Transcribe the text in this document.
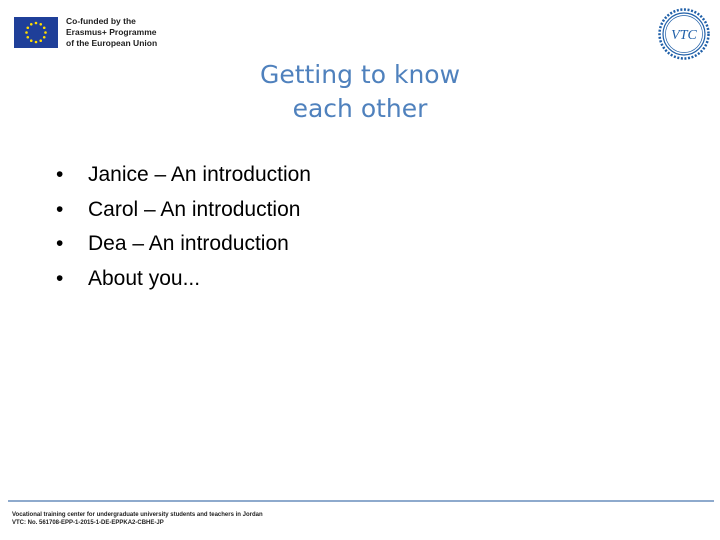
Co-funded by the
Erasmus+ Programme
of the European Union	VTC
Getting to know
each other
• Janice – An introduction
• Carol – An introduction
• Dea – An introduction
• About you...
Vocational training center for undergraduate university students and teachers in Jordan
VTC: No. 561708-EPP-1-2015-1-DE-EPPKA2-CBHE-JP
